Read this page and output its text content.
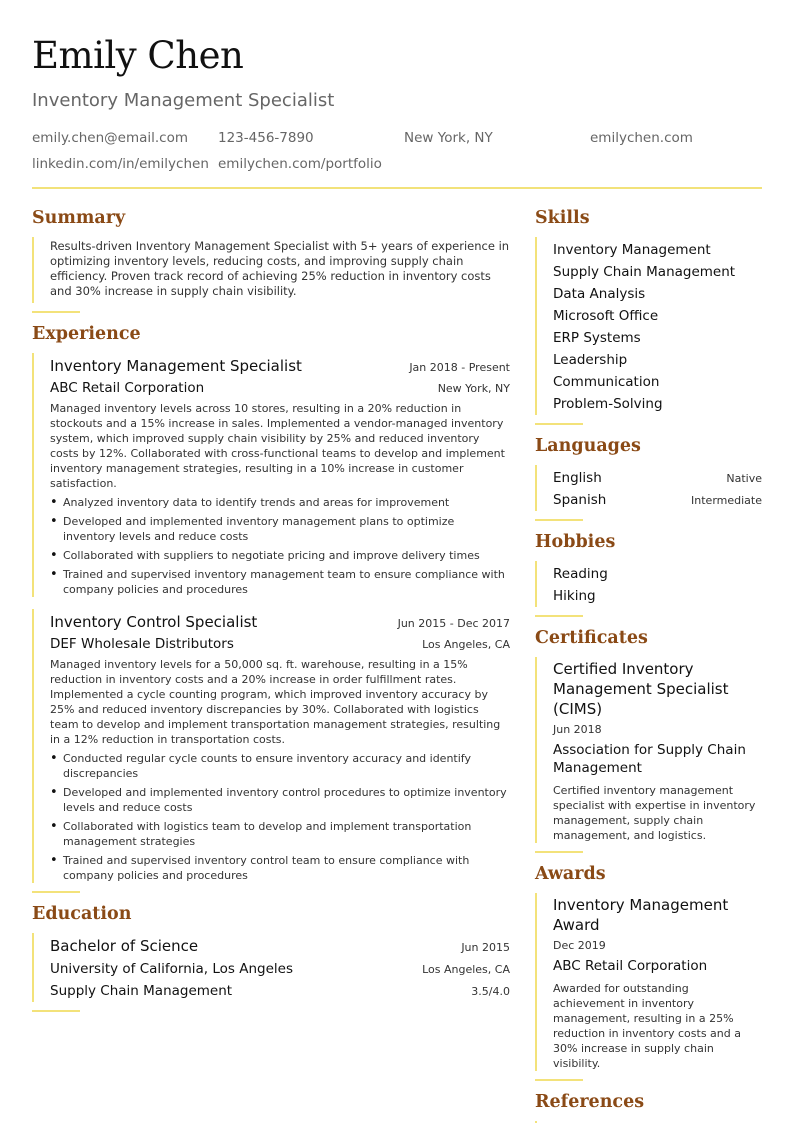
Emily Chen
Inventory Management Specialist
emily.chen@email.com	123-456-7890	New York, NY	emilychen.com
linkedin.com/in/emilychen emilychen.com/portfolio
Summary
Results-driven Inventory Management Specialist with 5+ years of experience in optimizing inventory levels, reducing costs, and improving supply chain efficiency. Proven track record of achieving 25% reduction in inventory costs and 30% increase in supply chain visibility.
Experience
Inventory Management Specialist	Jan 2018 - Present
ABC Retail Corporation	New York, NY
Managed inventory levels across 10 stores, resulting in a 20% reduction in stockouts and a 15% increase in sales. Implemented a vendor-managed inventory system, which improved supply chain visibility by 25% and reduced inventory costs by 12%. Collaborated with cross-functional teams to develop and implement inventory management strategies, resulting in a 10% increase in customer satisfaction.
• Analyzed inventory data to identify trends and areas for improvement
• Developed and implemented inventory management plans to optimize inventory levels and reduce costs
• Collaborated with suppliers to negotiate pricing and improve delivery times
• Trained and supervised inventory management team to ensure compliance with company policies and procedures
Inventory Control Specialist	Jun 2015 - Dec 2017
DEF Wholesale Distributors	Los Angeles, CA
Managed inventory levels for a 50,000 sq. ft. warehouse, resulting in a 15% reduction in inventory costs and a 20% increase in order fulfillment rates. Implemented a cycle counting program, which improved inventory accuracy by 25% and reduced inventory discrepancies by 30%. Collaborated with logistics team to develop and implement transportation management strategies, resulting in a 12% reduction in transportation costs.
• Conducted regular cycle counts to ensure inventory accuracy and identify discrepancies
• Developed and implemented inventory control procedures to optimize inventory levels and reduce costs
• Collaborated with logistics team to develop and implement transportation management strategies
• Trained and supervised inventory control team to ensure compliance with company policies and procedures
Education
Bachelor of Science	Jun 2015
University of California, Los Angeles	Los Angeles, CA
Supply Chain Management	3.5/4.0
Skills
Inventory Management
Supply Chain Management
Data Analysis
Microsoft Office
ERP Systems
Leadership
Communication
Problem-Solving
Languages
English	Native
Spanish	Intermediate
Hobbies
Reading
Hiking
Certificates
Certified Inventory Management Specialist (CIMS)
Jun 2018
Association for Supply Chain Management
Certified inventory management specialist with expertise in inventory management, supply chain management, and logistics.
Awards
Inventory Management Award
Dec 2019
ABC Retail Corporation
Awarded for outstanding achievement in inventory management, resulting in a 25% reduction in inventory costs and a 30% increase in supply chain visibility.
References
